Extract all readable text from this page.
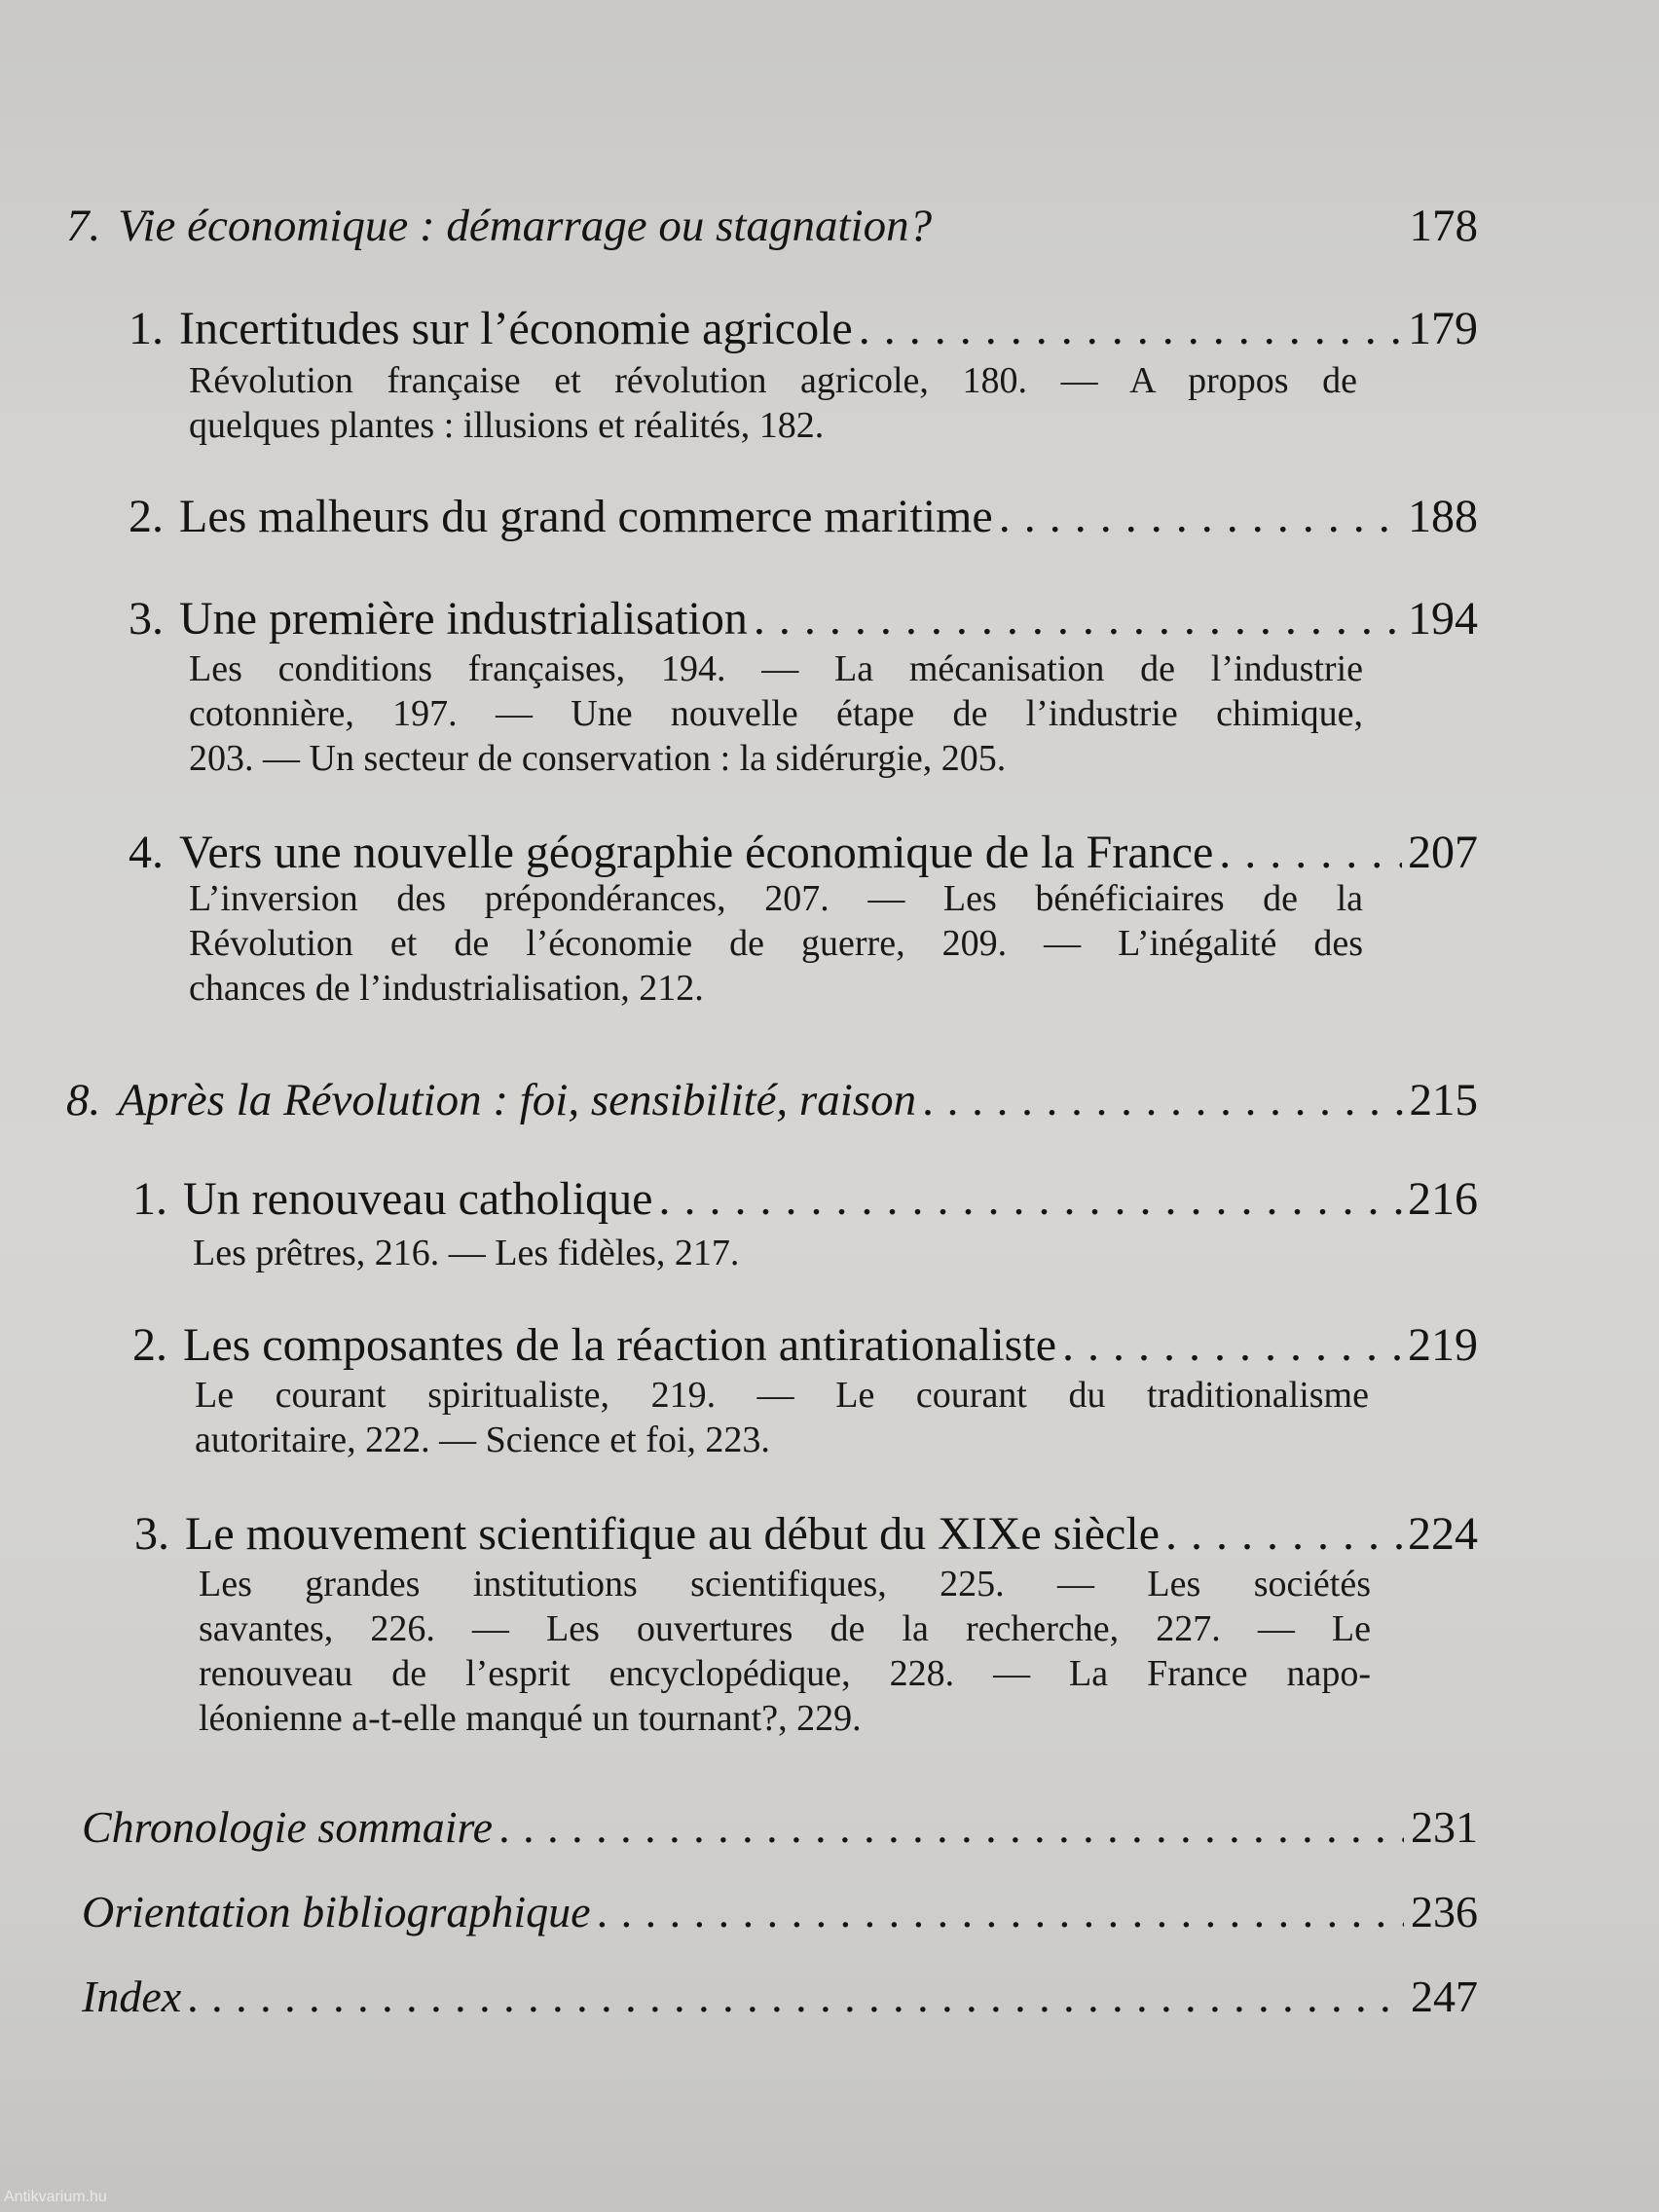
7. Vie économique : démarrage ou stagnation?	178
1. Incertitudes sur l’économie agricole . . .	179
Révolution française et révolution agricole, 180. — A propos de
quelques plantes : illusions et réalités, 182.
2. Les malheurs du grand commerce maritime . . .	188
3. Une première industrialisation . . .	194
Les conditions françaises, 194. — La mécanisation de l’industrie
cotonnière, 197. — Une nouvelle étape de l’industrie chimique,
203. — Un secteur de conservation : la sidérurgie, 205.
4. Vers une nouvelle géographie économique de la France . . .	207
L’inversion des prépondérances, 207. — Les bénéficiaires de la
Révolution et de l’économie de guerre, 209. — L’inégalité des
chances de l’industrialisation, 212.
8. Après la Révolution : foi, sensibilité, raison . . .	215
1. Un renouveau catholique . . .	216
Les prêtres, 216. — Les fidèles, 217.
2. Les composantes de la réaction antirationaliste . . .	219
Le courant spiritualiste, 219. — Le courant du traditionalisme
autoritaire, 222. — Science et foi, 223.
3. Le mouvement scientifique au début du XIXe siècle . . .	224
Les grandes institutions scientifiques, 225. — Les sociétés
savantes, 226. — Les ouvertures de la recherche, 227. — Le
renouveau de l’esprit encyclopédique, 228. — La France napo-
léonienne a-t-elle manqué un tournant?, 229.
Chronologie sommaire . . .	231
Orientation bibliographique . . .	236
Index . . .	247
Antikvarium.hu
